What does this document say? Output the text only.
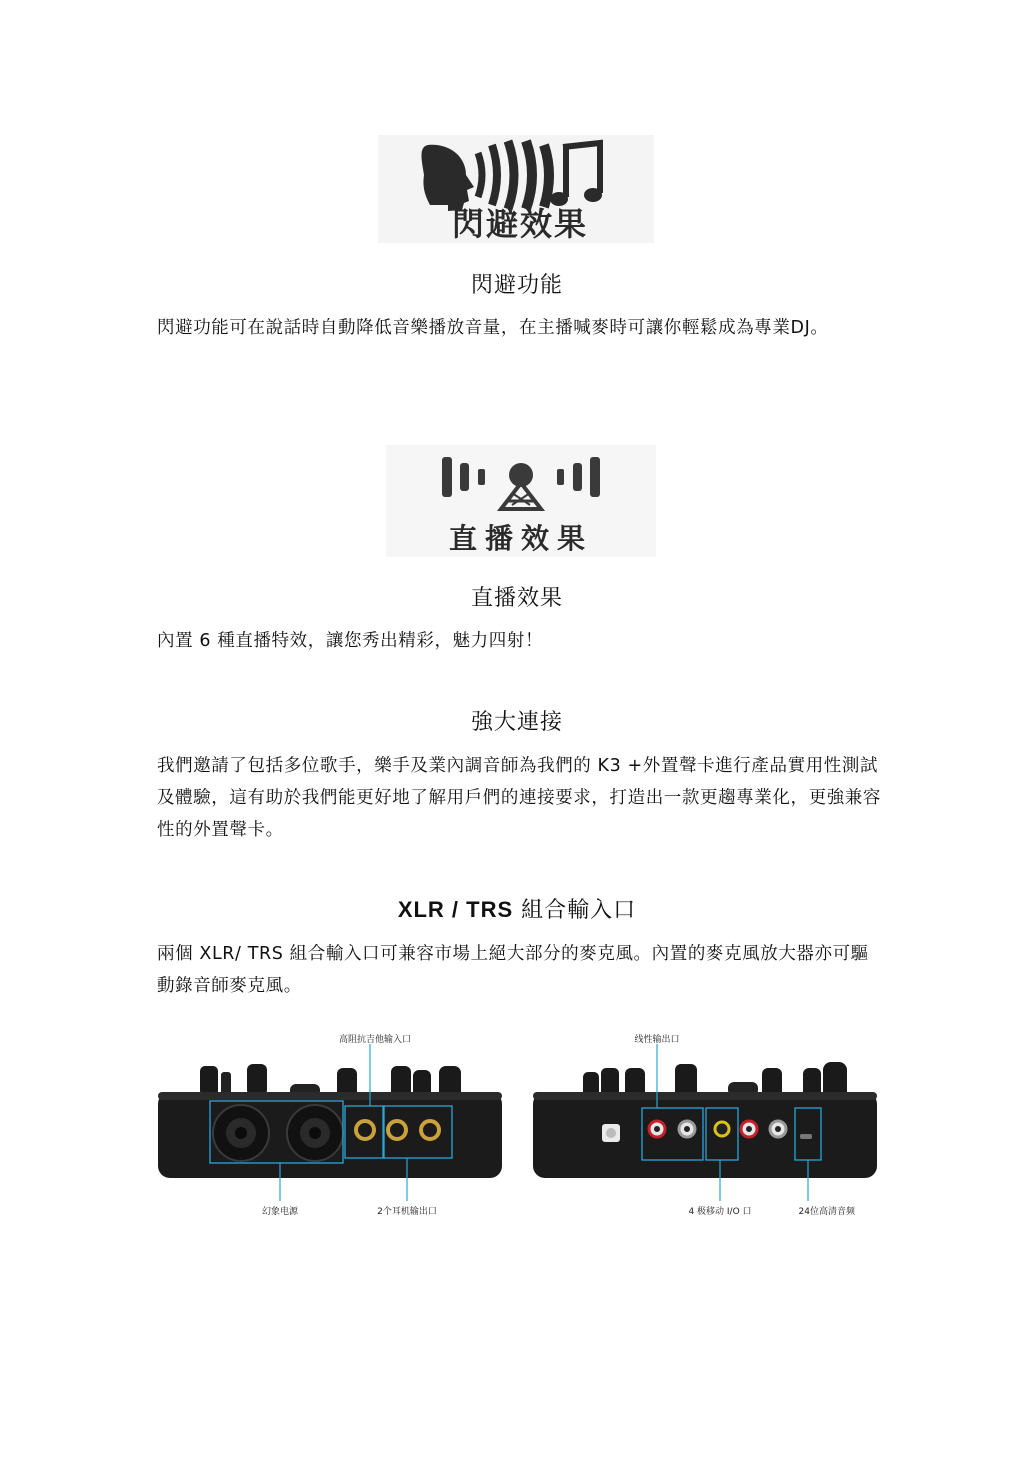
閃避效果
閃避功能
閃避功能可在說話時自動降低音樂播放音量，在主播喊麥時可讓你輕鬆成為專業DJ。
直播效果
直播效果
內置 6 種直播特效，讓您秀出精彩，魅力四射！
強大連接
我們邀請了包括多位歌手，樂手及業內調音師為我們的 K3 +外置聲卡進行產品實用性測試及體驗，這有助於我們能更好地了解用戶們的連接要求，打造出一款更趨專業化，更強兼容性的外置聲卡。
XLR / TRS 組合輸入口
兩個 XLR/ TRS 組合輸入口可兼容市場上絕大部分的麥克風。內置的麥克風放大器亦可驅動錄音師麥克風。
高阻抗吉他输入口
幻象电源	2个耳机输出口
线性输出口
4 极移动 I/O 口	24位高清音频
